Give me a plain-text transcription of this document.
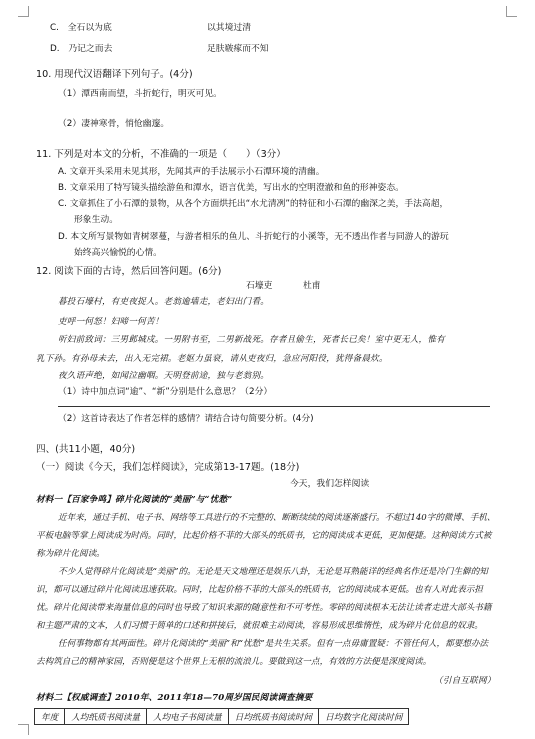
C. 全石以为底	以其境过清
D. 乃记之而去	足肤皲瘃而不知
10. 用现代汉语翻译下列句子。(4分)
（1）潭西南而望，斗折蛇行，明灭可见。
（2）凄神寒骨，悄怆幽邃。
11. 下列是对本文的分析，不准确的一项是（　　）（3分）
A. 文章开头采用未见其形，先闻其声的手法展示小石潭环境的清幽。
B. 文章采用了特写镜头描绘游鱼和潭水，语言优美，写出水的空明澄澈和鱼的形神姿态。
C. 文章抓住了小石潭的景物，从各个方面烘托出“水尤清冽”的特征和小石潭的幽深之美，手法高超，
形象生动。
D. 本文所写景物如青树翠蔓，与游者相乐的鱼儿、斗折蛇行的小溪等，无不透出作者与同游人的游玩
始终高兴愉悦的心情。
12. 阅读下面的古诗，然后回答问题。(6分)
石壕吏	杜甫
暮投石壕村，有吏夜捉人。老翁逾墙走，老妇出门看。
吏呼一何怒！妇啼一何苦！
听妇前致词：三男邺城戍。一男附书至，二男新战死。存者且偷生，死者长已矣！室中更无人，惟有
乳下孙。有孙母未去，出入无完裙。老妪力虽衰，请从吏夜归，急应河阳役，犹得备晨炊。
夜久语声绝，如闻泣幽咽。天明登前途，独与老翁别。
（1）诗中加点词“逾”、“新”分别是什么意思？（2分）
（2）这首诗表达了作者怎样的感情？请结合诗句简要分析。(4分)
四、(共11小题，40分)
（一）阅读《今天，我们怎样阅读》，完成第13-17题。(18分)
今天，我们怎样阅读
材料一【百家争鸣】碎片化阅读的“美丽”与“忧愁”
近年来，通过手机、电子书、网络等工具进行的不完整的、断断续续的阅读逐渐盛行。不超过140字的微博、手机、平板电脑等掌上阅读成为时尚。同时，比起价格不菲的大部头的纸质书，它的阅读成本更低，更加便捷。这种阅读方式被称为碎片化阅读。
不少人觉得碎片化阅读是“美丽”的。无论是天文地理还是娱乐八卦，无论是耳熟能详的经典名作还是冷门生僻的知识，都可以通过碎片化阅读迅速获取。同时，比起价格不菲的大部头的纸质书，它的阅读成本更低。也有人对此表示担忧。碎片化阅读带来海量信息的同时也导致了知识来源的随意性和不可考性。零碎的阅读根本无法让读者走进大部头书籍和主题严肃的文本，人们习惯于简单的口述和拼接后，就很难主动阅读，容易形成思维惰性，成为碎片化信息的奴隶。
任何事物都有其两面性。碎片化阅读的“美丽”和“忧愁”是共生关系。但有一点毋庸置疑：不管任何人，都要想办法去构筑自己的精神家园，否则便是这个世界上无根的流浪儿。要做到这一点，有效的方法便是深度阅读。
（引自互联网）
材料二【权威调查】2010年、2011年18—70周岁国民阅读调查摘要
年度	人均纸质书阅读量	人均电子书阅读量	日均纸质书阅读时间	日均数字化阅读时间
